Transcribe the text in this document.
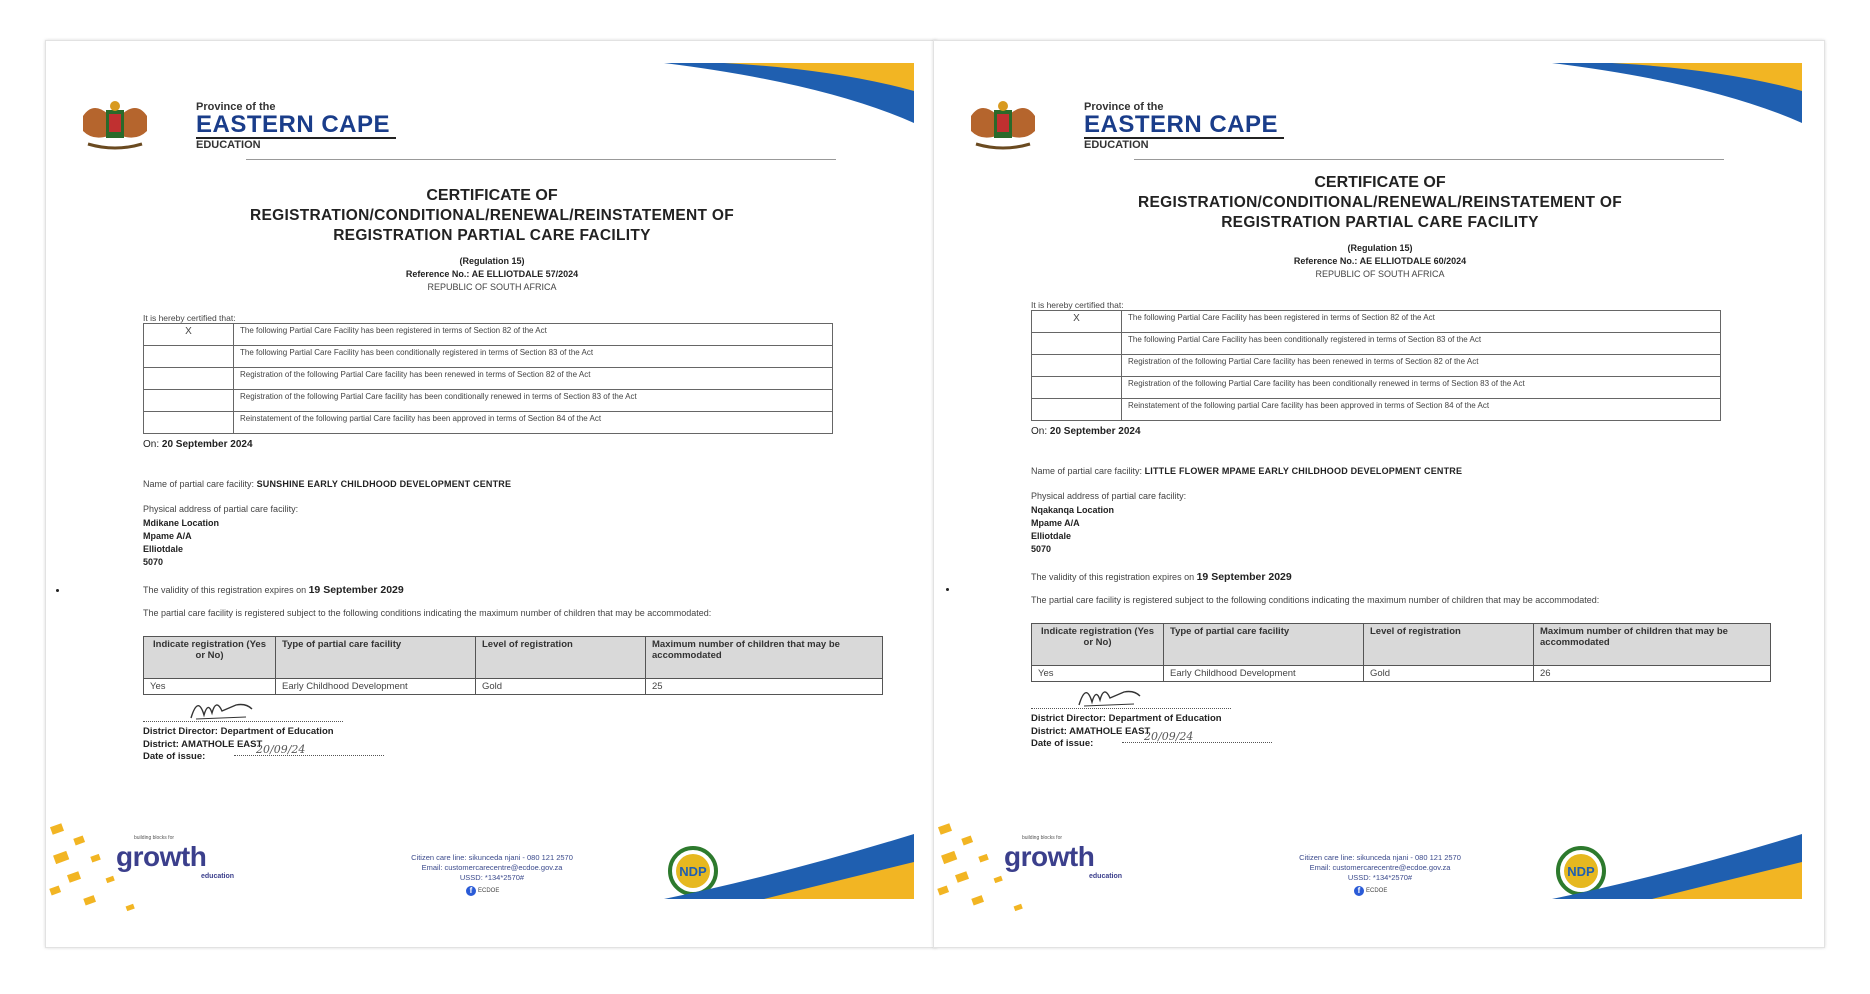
Province of the
EASTERN CAPE
EDUCATION
CERTIFICATE OF
REGISTRATION/CONDITIONAL/RENEWAL/REINSTATEMENT OF
REGISTRATION PARTIAL CARE FACILITY
(Regulation 15)
Reference No.: AE ELLIOTDALE 57/2024
REPUBLIC OF SOUTH AFRICA
It is hereby certified that:
X	The following Partial Care Facility has been registered in terms of Section 82 of the Act
	The following Partial Care Facility has been conditionally registered in terms of Section 83 of the Act
	Registration of the following Partial Care facility has been renewed in terms of Section 82 of the Act
	Registration of the following Partial Care facility has been conditionally renewed in terms of Section 83 of the Act
	Reinstatement of the following partial Care facility has been approved in terms of Section 84 of the Act
On: 20 September 2024
Name of partial care facility: SUNSHINE EARLY CHILDHOOD DEVELOPMENT CENTRE
Physical address of partial care facility:
Mdikane Location
Mpame A/A
Elliotdale
5070
The validity of this registration expires on 19 September 2029
The partial care facility is registered subject to the following conditions indicating the maximum number of children that may be accommodated:
Indicate registration (Yes or No)	Type of partial care facility	Level of registration	Maximum number of children that may be accommodated
Yes	Early Childhood Development	Gold	25
District Director: Department of Education
District: AMATHOLE EAST
Date of issue:
20/09/24
building blocks for
growth
education
Citizen care line: sikunceda njani - 080 121 2570
Email: customercarecentre@ecdoe.gov.za
USSD: *134*2570#
f ECDOE
NDP
Province of the
EASTERN CAPE
EDUCATION
CERTIFICATE OF
REGISTRATION/CONDITIONAL/RENEWAL/REINSTATEMENT OF
REGISTRATION PARTIAL CARE FACILITY
(Regulation 15)
Reference No.: AE ELLIOTDALE 60/2024
REPUBLIC OF SOUTH AFRICA
It is hereby certified that:
X	The following Partial Care Facility has been registered in terms of Section 82 of the Act
	The following Partial Care Facility has been conditionally registered in terms of Section 83 of the Act
	Registration of the following Partial Care facility has been renewed in terms of Section 82 of the Act
	Registration of the following Partial Care facility has been conditionally renewed in terms of Section 83 of the Act
	Reinstatement of the following partial Care facility has been approved in terms of Section 84 of the Act
On: 20 September 2024
Name of partial care facility: LITTLE FLOWER MPAME EARLY CHILDHOOD DEVELOPMENT CENTRE
Physical address of partial care facility:
Nqakanqa Location
Mpame A/A
Elliotdale
5070
The validity of this registration expires on 19 September 2029
The partial care facility is registered subject to the following conditions indicating the maximum number of children that may be accommodated:
Indicate registration (Yes or No)	Type of partial care facility	Level of registration	Maximum number of children that may be accommodated
Yes	Early Childhood Development	Gold	26
District Director: Department of Education
District: AMATHOLE EAST
Date of issue:
20/09/24
building blocks for
growth
education
Citizen care line: sikunceda njani - 080 121 2570
Email: customercarecentre@ecdoe.gov.za
USSD: *134*2570#
f ECDOE
NDP
